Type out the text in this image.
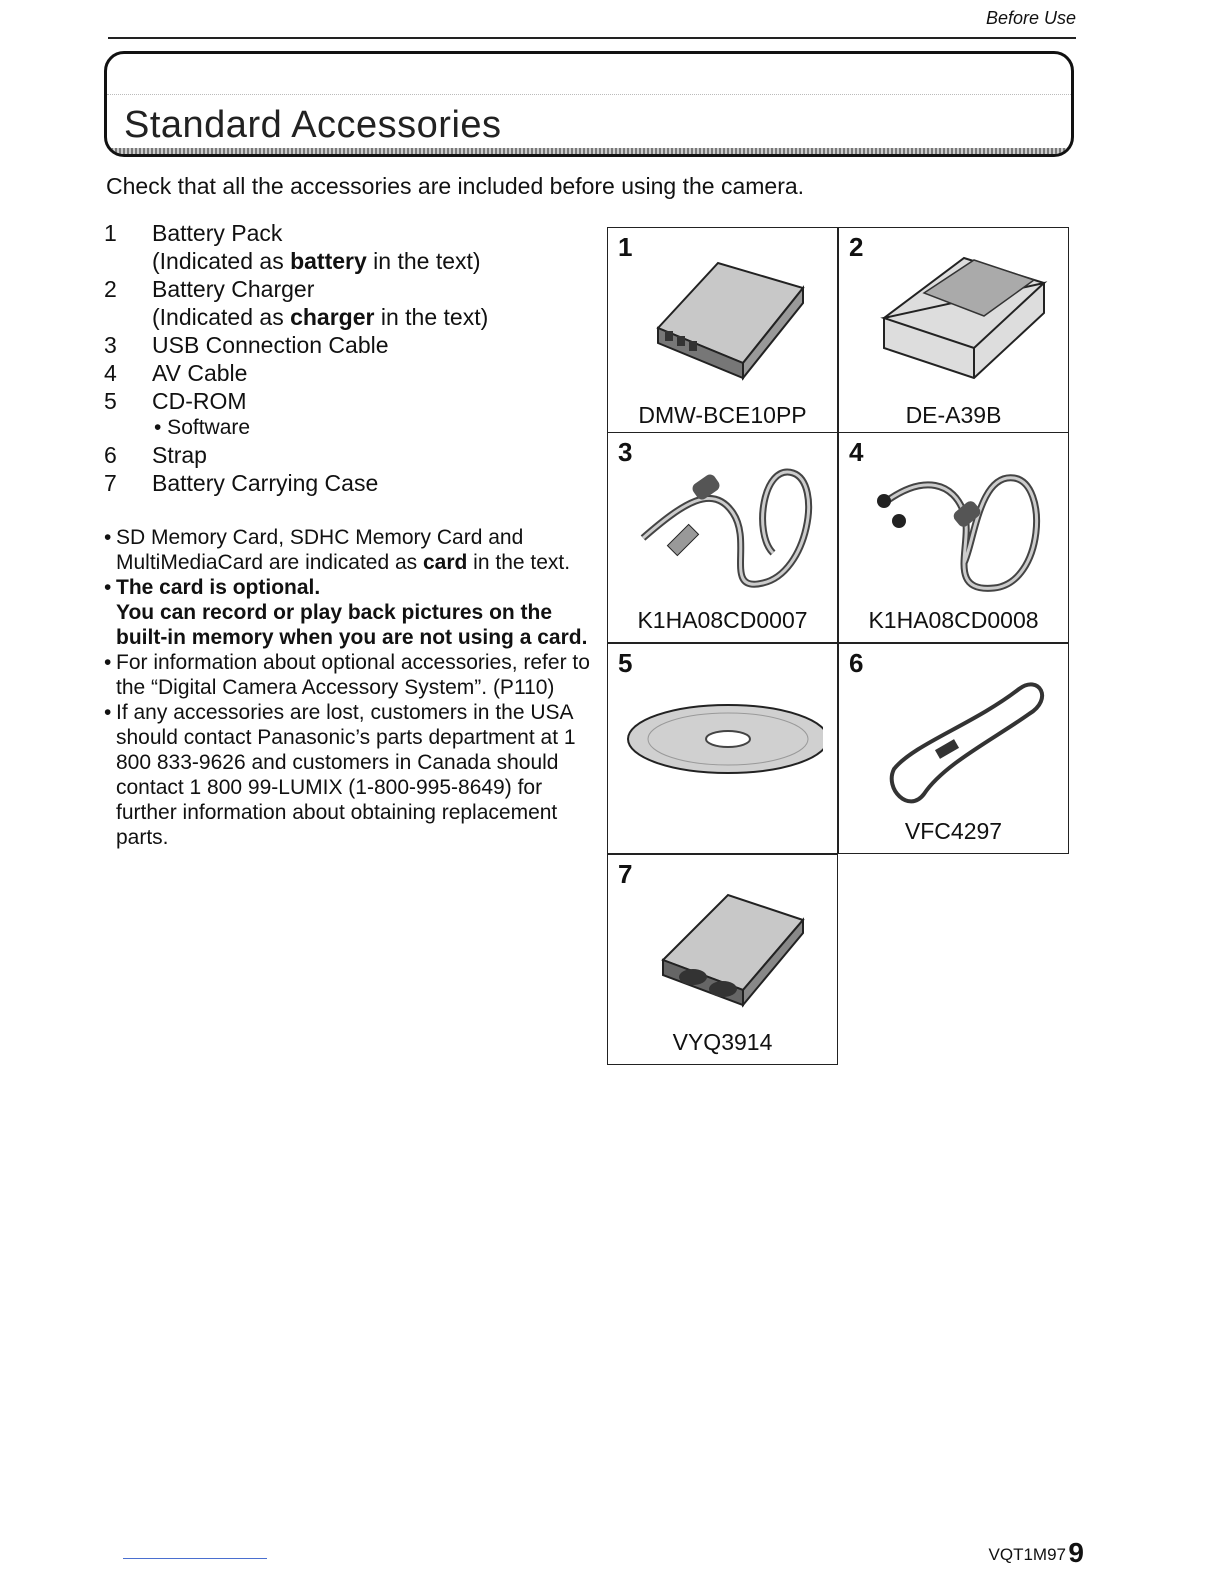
Before Use
Standard Accessories
Check that all the accessories are included before using the camera.
1 Battery Pack
(Indicated as battery in the text)
2 Battery Charger
(Indicated as charger in the text)
3 USB Connection Cable
4 AV Cable
5 CD-ROM
• Software
6 Strap
7 Battery Carrying Case
• SD Memory Card, SDHC Memory Card and MultiMediaCard are indicated as card in the text.
• The card is optional.
You can record or play back pictures on the built-in memory when you are not using a card.
• For information about optional accessories, refer to the “Digital Camera Accessory System”. (P110)
• If any accessories are lost, customers in the USA should contact Panasonic’s parts department at 1 800 833-9626 and customers in Canada should contact 1 800 99-LUMIX (1-800-995-8649) for further information about obtaining replacement parts.
1
DMW-BCE10PP
2
DE-A39B
3
K1HA08CD0007
4
K1HA08CD0008
5	6
VFC4297
7
VYQ3914
VQT1M97 9
